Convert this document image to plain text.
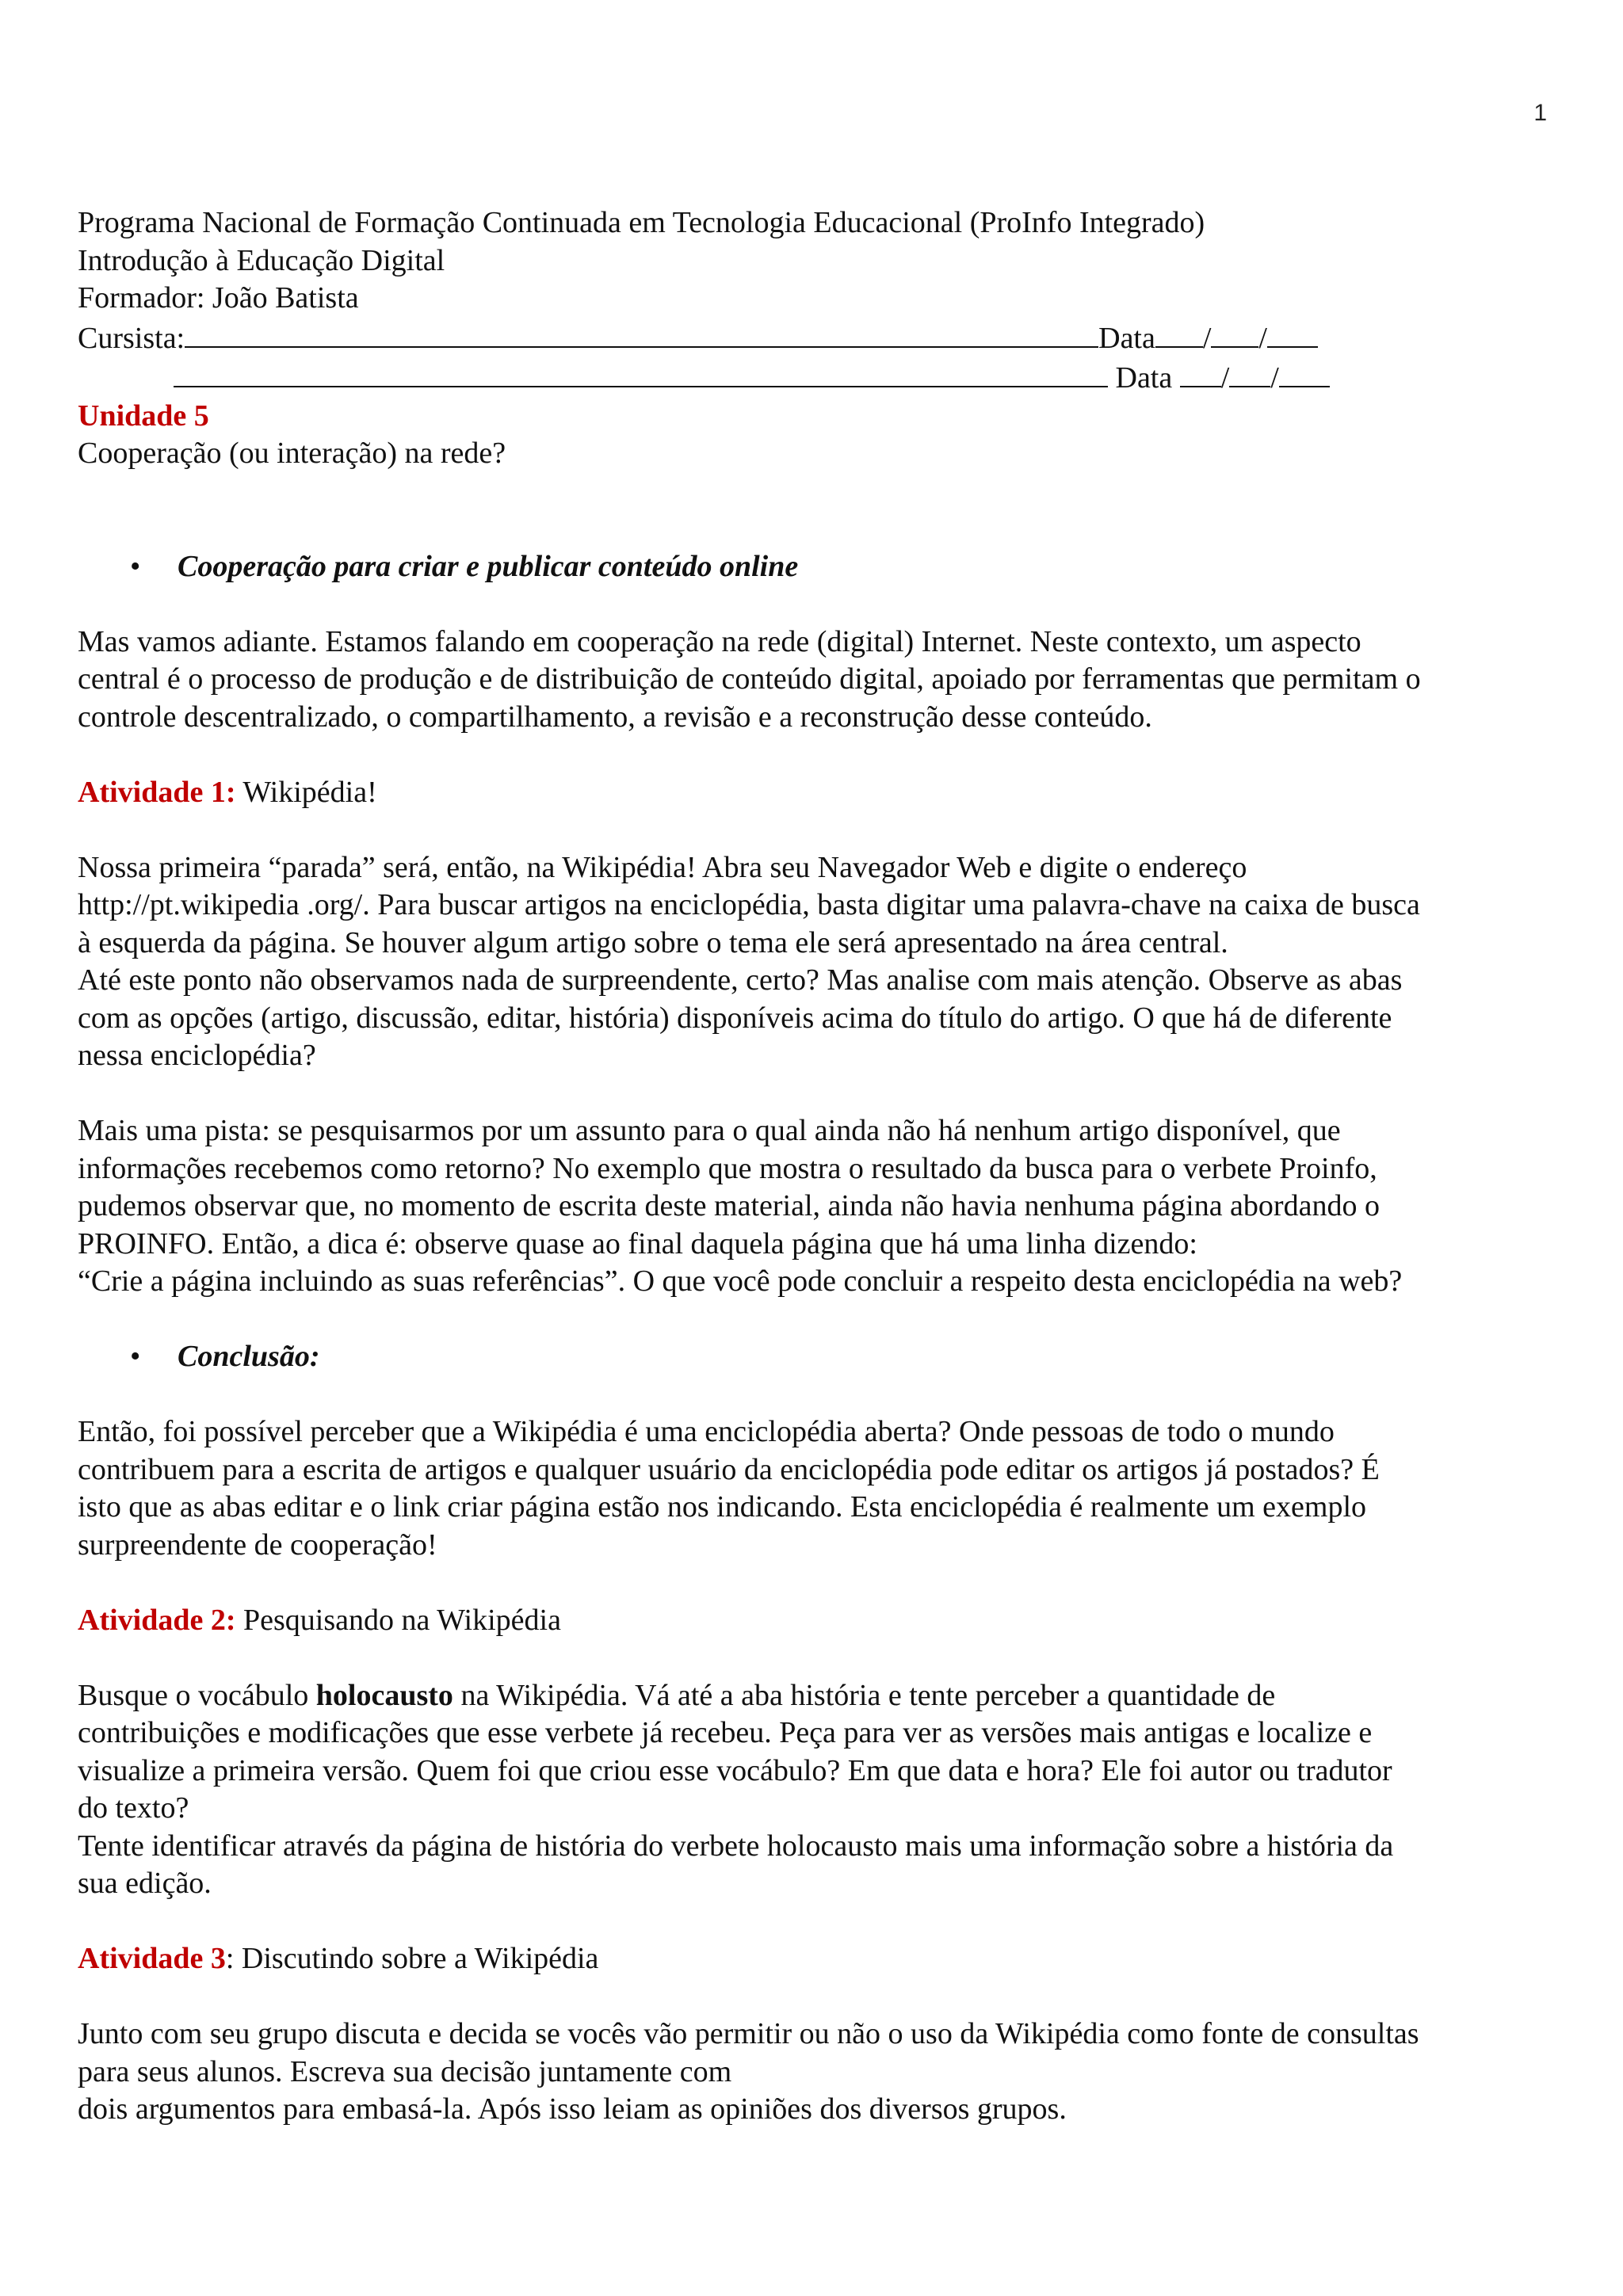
1
Programa Nacional de Formação Continuada em Tecnologia Educacional (ProInfo Integrado)
Introdução à Educação Digital
Formador: João Batista
Cursista:	Data / /
Data / /
Unidade 5
Cooperação (ou interação) na rede?
• Cooperação para criar e publicar conteúdo online
Mas vamos adiante. Estamos falando em cooperação na rede (digital) Internet. Neste contexto, um aspecto
central é o processo de produção e de distribuição de conteúdo digital, apoiado por ferramentas que permitam o
controle descentralizado, o compartilhamento, a revisão e a reconstrução desse conteúdo.
Atividade 1: Wikipédia!
Nossa primeira “parada” será, então, na Wikipédia! Abra seu Navegador Web e digite o endereço
http://pt.wikipedia .org/. Para buscar artigos na enciclopédia, basta digitar uma palavra-chave na caixa de busca
à esquerda da página. Se houver algum artigo sobre o tema ele será apresentado na área central.
Até este ponto não observamos nada de surpreendente, certo? Mas analise com mais atenção. Observe as abas
com as opções (artigo, discussão, editar, história) disponíveis acima do título do artigo. O que há de diferente
nessa enciclopédia?
Mais uma pista: se pesquisarmos por um assunto para o qual ainda não há nenhum artigo disponível, que
informações recebemos como retorno? No exemplo que mostra o resultado da busca para o verbete Proinfo,
pudemos observar que, no momento de escrita deste material, ainda não havia nenhuma página abordando o
PROINFO. Então, a dica é: observe quase ao final daquela página que há uma linha dizendo:
“Crie a página incluindo as suas referências”. O que você pode concluir a respeito desta enciclopédia na web?
• Conclusão:
Então, foi possível perceber que a Wikipédia é uma enciclopédia aberta? Onde pessoas de todo o mundo
contribuem para a escrita de artigos e qualquer usuário da enciclopédia pode editar os artigos já postados? É
isto que as abas editar e o link criar página estão nos indicando. Esta enciclopédia é realmente um exemplo
surpreendente de cooperação!
Atividade 2: Pesquisando na Wikipédia
Busque o vocábulo holocausto na Wikipédia. Vá até a aba história e tente perceber a quantidade de
contribuições e modificações que esse verbete já recebeu. Peça para ver as versões mais antigas e localize e
visualize a primeira versão. Quem foi que criou esse vocábulo? Em que data e hora? Ele foi autor ou tradutor
do texto?
Tente identificar através da página de história do verbete holocausto mais uma informação sobre a história da
sua edição.
Atividade 3: Discutindo sobre a Wikipédia
Junto com seu grupo discuta e decida se vocês vão permitir ou não o uso da Wikipédia como fonte de consultas
para seus alunos. Escreva sua decisão juntamente com
dois argumentos para embasá-la. Após isso leiam as opiniões dos diversos grupos.
